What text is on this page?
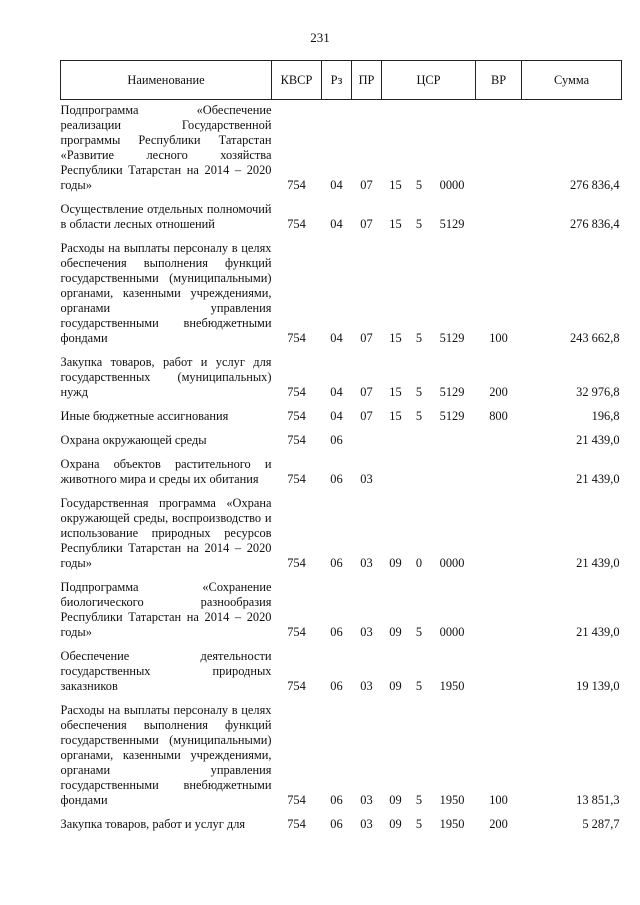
231
Наименование	КВСР	Рз	ПР	ЦСР			ВР	Сумма

Подпрограмма «Обеспечение реализации Государственной программы Республики Татарстан «Развитие лесного хозяйства Республики Татарстан на 2014 – 2020 годы»	754	04	07	15	5	0000		276 836,4

Осуществление отдельных полномочий в области лесных отношений	754	04	07	15	5	5129		276 836,4

Расходы на выплаты персоналу в целях обеспечения выполнения функций государственными (муниципальными) органами, казенными учреждениями, органами управления государственными внебюджетными фондами	754	04	07	15	5	5129	100	243 662,8

Закупка товаров, работ и услуг для государственных (муниципальных) нужд	754	04	07	15	5	5129	200	32 976,8

Иные бюджетные ассигнования	754	04	07	15	5	5129	800	196,8

Охрана окружающей среды	754	06						21 439,0

Охрана объектов растительного и животного мира и среды их обитания	754	06	03					21 439,0

Государственная программа «Охрана окружающей среды, воспроизводство и использование природных ресурсов Республики Татарстан на 2014 – 2020 годы»	754	06	03	09	0	0000		21 439,0

Подпрограмма «Сохранение биологического разнообразия Республики Татарстан на 2014 – 2020 годы»	754	06	03	09	5	0000		21 439,0

Обеспечение деятельности государственных природных заказников	754	06	03	09	5	1950		19 139,0

Расходы на выплаты персоналу в целях обеспечения выполнения функций государственными (муниципальными) органами, казенными учреждениями, органами управления государственными внебюджетными фондами	754	06	03	09	5	1950	100	13 851,3

Закупка товаров, работ и услуг для	754	06	03	09	5	1950	200	5 287,7
